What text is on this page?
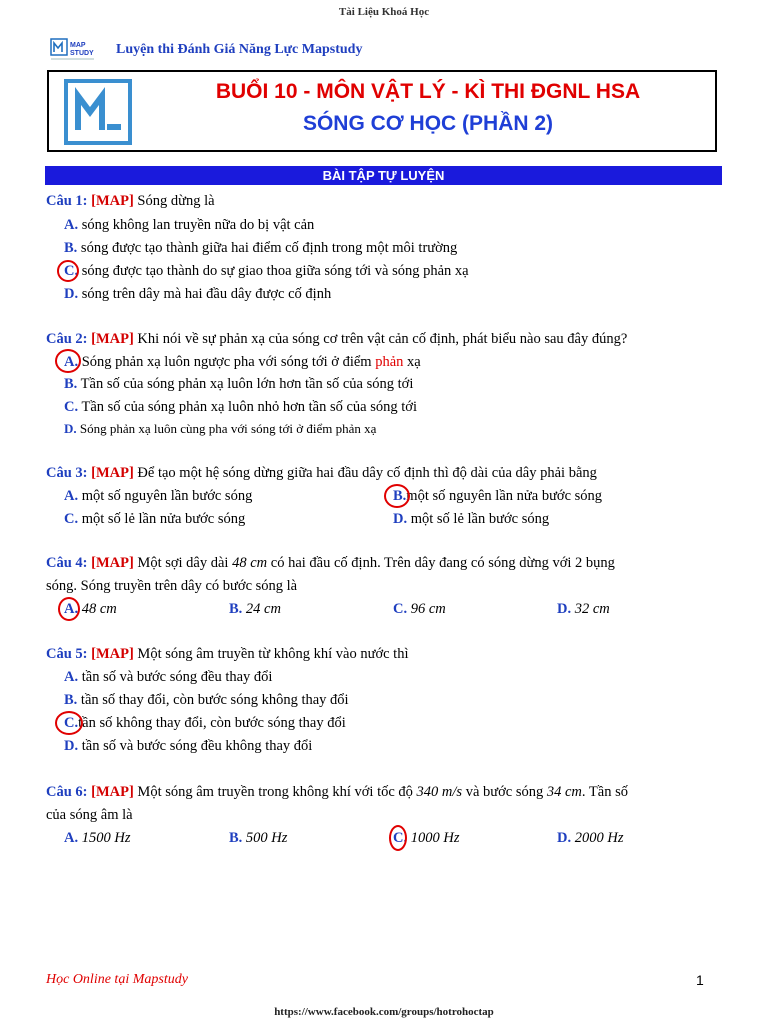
Tài Liệu Khoá Học
MAP
STUDY Luyện thi Đánh Giá Năng Lực Mapstudy
BUỔI 10 - MÔN VẬT LÝ - KÌ THI ĐGNL HSA
SÓNG CƠ HỌC (PHẦN 2)
BÀI TẬP TỰ LUYỆN
Câu 1: [MAP] Sóng dừng là
A. sóng không lan truyền nữa do bị vật cản
B. sóng được tạo thành giữa hai điểm cố định trong một môi trường
C. sóng được tạo thành do sự giao thoa giữa sóng tới và sóng phản xạ
D. sóng trên dây mà hai đầu dây được cố định
Câu 2: [MAP] Khi nói về sự phản xạ của sóng cơ trên vật cản cố định, phát biểu nào sau đây đúng?
A. Sóng phản xạ luôn ngược pha với sóng tới ở điểm phản xạ
B. Tần số của sóng phản xạ luôn lớn hơn tần số của sóng tới
C. Tần số của sóng phản xạ luôn nhỏ hơn tần số của sóng tới
D. Sóng phản xạ luôn cùng pha với sóng tới ở điểm phản xạ
Câu 3: [MAP] Để tạo một hệ sóng dừng giữa hai đầu dây cố định thì độ dài của dây phải bằng
A. một số nguyên lần bước sóng	B.một số nguyên lần nửa bước sóng
C. một số lẻ lần nửa bước sóng	D. một số lẻ lần bước sóng
Câu 4: [MAP] Một sợi dây dài 48 cm có hai đầu cố định. Trên dây đang có sóng dừng với 2 bụng
sóng. Sóng truyền trên dây có bước sóng là
A. 48 cm	B. 24 cm	C. 96 cm	D. 32 cm
Câu 5: [MAP] Một sóng âm truyền từ không khí vào nước thì
A. tần số và bước sóng đều thay đổi
B. tần số thay đổi, còn bước sóng không thay đổi
C.tần số không thay đổi, còn bước sóng thay đổi
D. tần số và bước sóng đều không thay đổi
Câu 6: [MAP] Một sóng âm truyền trong không khí với tốc độ 340 m/s và bước sóng 34 cm. Tần số
của sóng âm là
A. 1500 Hz	B. 500 Hz	C. 1000 Hz	D. 2000 Hz
Học Online tại Mapstudy	1
https://www.facebook.com/groups/hotrohoctap
